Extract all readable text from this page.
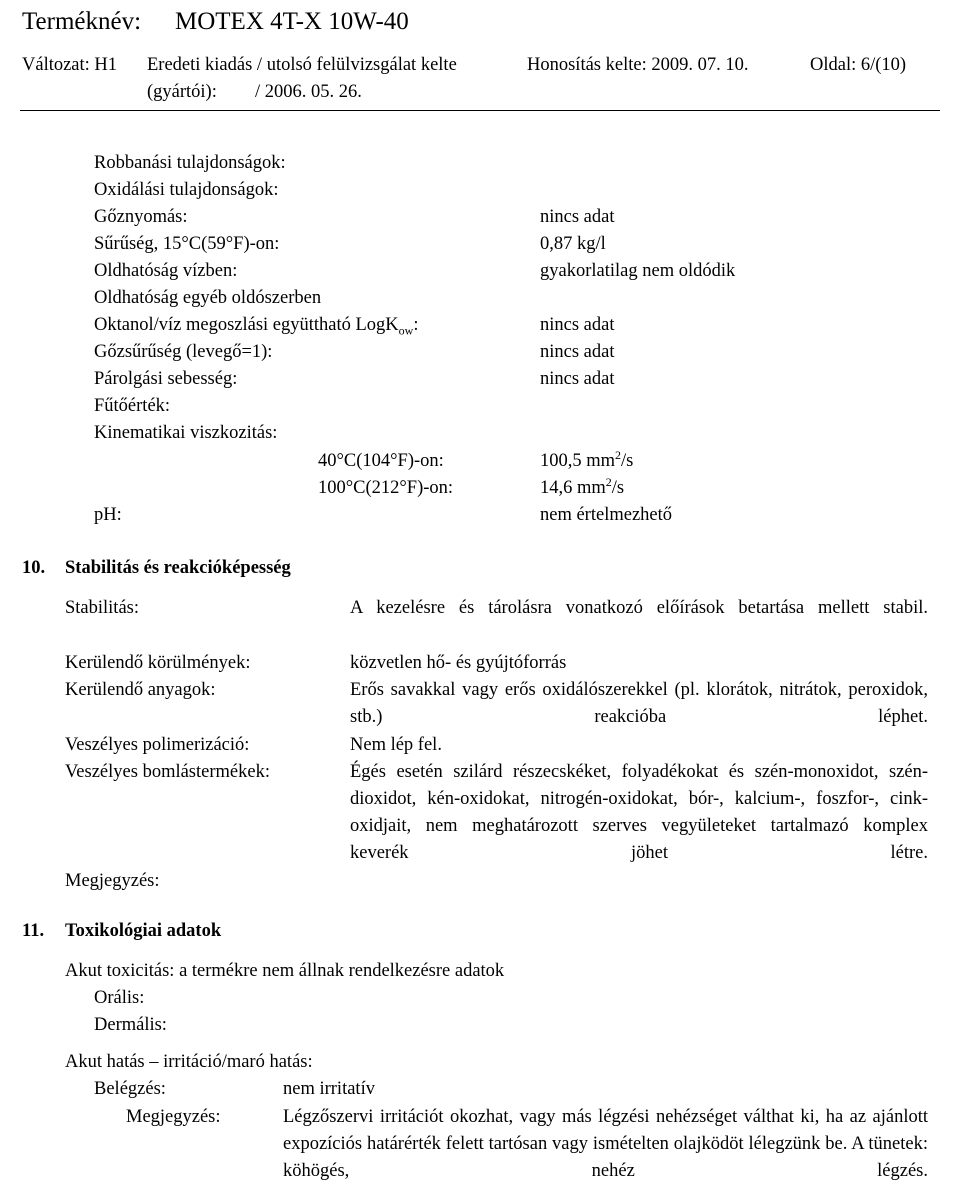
Terméknév: MOTEX 4T-X 10W-40
Változat: H1 Eredeti kiadás / utolsó felülvizsgálat kelte
(gyártói): / 2006. 05. 26.
Honosítás kelte: 2009. 07. 10.	Oldal: 6/(10)
Robbanási tulajdonságok:
Oxidálási tulajdonságok:
Gőznyomás:	nincs adat
Sűrűség, 15°C(59°F)-on:	0,87 kg/l
Oldhatóság vízben:	gyakorlatilag nem oldódik
Oldhatóság egyéb oldószerben
Oktanol/víz megoszlási együttható LogK$_{ow}$:	nincs adat
Gőzsűrűség (levegő=1):	nincs adat
Párolgási sebesség:	nincs adat
Fűtőérték:
Kinematikai viszkozitás:
40°C(104°F)-on:	100,5 $mm^2/s$
100°C(212°F)-on:	14,6 $mm^2/s$
pH:	nem értelmezhető
10. Stabilitás és reakcióképesség
Stabilitás:	A kezelésre és tárolásra vonatkozó előírások betartása mellett stabil.
Kerülendő körülmények:	közvetlen hő- és gyújtóforrás
Kerülendő anyagok:	Erős savakkal vagy erős oxidálószerekkel (pl. klorátok, nitrátok, peroxidok, stb.) reakcióba léphet.
Veszélyes polimerizáció:	Nem lép fel.
Veszélyes bomlástermékek:	Égés esetén szilárd részecskéket, folyadékokat és szén-monoxidot, szén-dioxidot, kén-oxidokat, nitrogén-oxidokat, bór-, kalcium-, foszfor-, cink-oxidjait, nem meghatározott szerves vegyületeket tartalmazó komplex keverék jöhet létre.
Megjegyzés:
11. Toxikológiai adatok
Akut toxicitás: a termékre nem állnak rendelkezésre adatok
Orális:
Dermális:
Akut hatás – irritáció/maró hatás:
Belégzés:	nem irritatív
Megjegyzés:	Légzőszervi irritációt okozhat, vagy más légzési nehézséget válthat ki, ha az ajánlott expozíciós határérték felett tartósan vagy ismételten olajködöt lélegzünk be. A tünetek: köhögés, nehéz légzés.
